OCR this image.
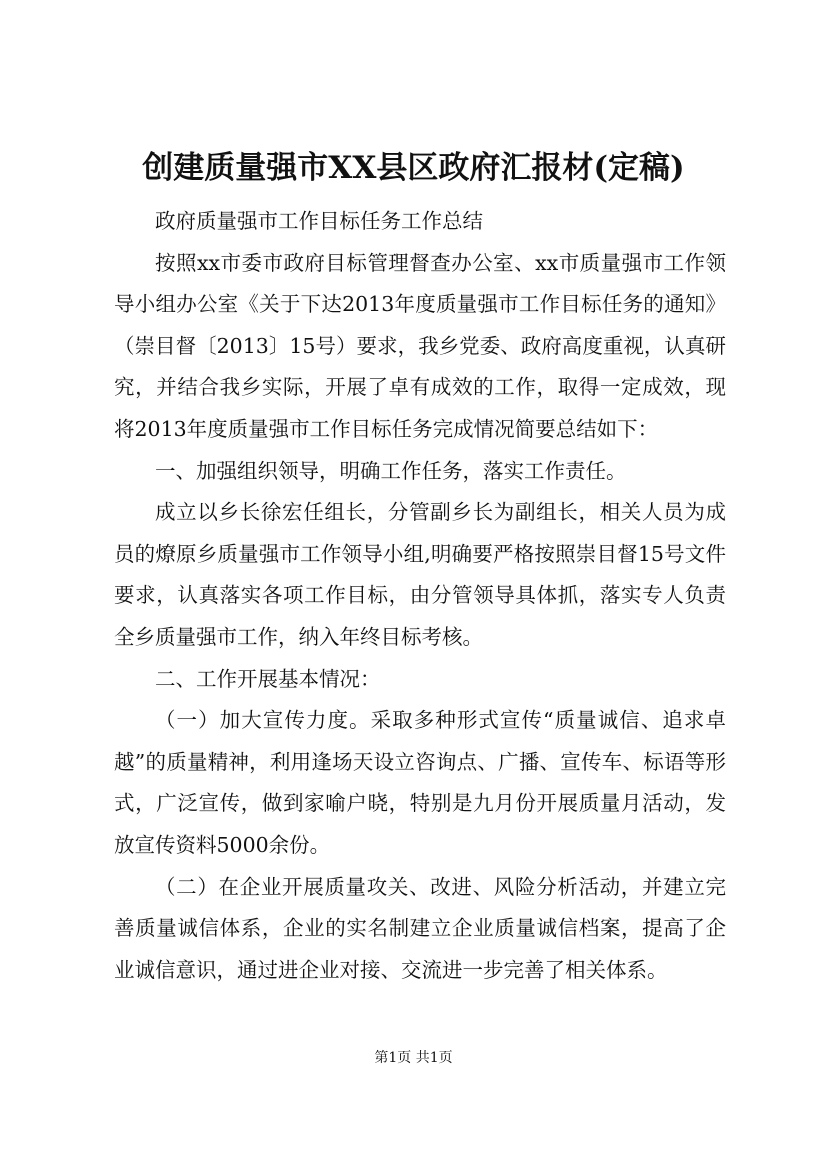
创建质量强市XX县区政府汇报材(定稿)

政府质量强市工作目标任务工作总结

按照xx市委市政府目标管理督查办公室、xx市质量强市工作领导小组办公室《关于下达2013年度质量强市工作目标任务的通知》（崇目督〔2013〕15号）要求，我乡党委、政府高度重视，认真研究，并结合我乡实际，开展了卓有成效的工作，取得一定成效，现将2013年度质量强市工作目标任务完成情况简要总结如下：

一、加强组织领导，明确工作任务，落实工作责任。

成立以乡长徐宏任组长，分管副乡长为副组长，相关人员为成员的燎原乡质量强市工作领导小组,明确要严格按照崇目督15号文件要求，认真落实各项工作目标，由分管领导具体抓，落实专人负责全乡质量强市工作，纳入年终目标考核。

二、工作开展基本情况：

（一）加大宣传力度。采取多种形式宣传“质量诚信、追求卓越”的质量精神，利用逢场天设立咨询点、广播、宣传车、标语等形式，广泛宣传，做到家喻户晓，特别是九月份开展质量月活动，发放宣传资料5000余份。

（二）在企业开展质量攻关、改进、风险分析活动，并建立完善质量诚信体系，企业的实名制建立企业质量诚信档案，提高了企业诚信意识，通过进企业对接、交流进一步完善了相关体系。

第1页 共1页
